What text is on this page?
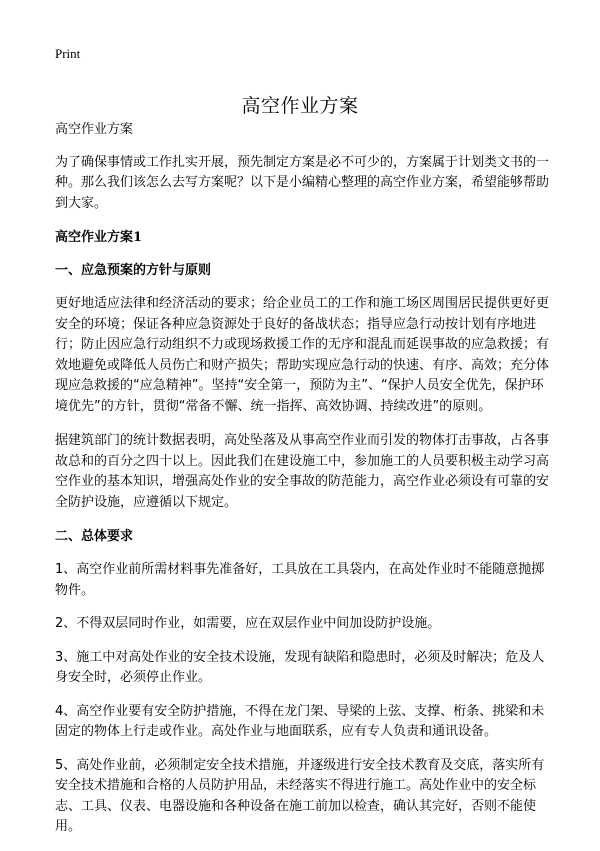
Print
高空作业方案

高空作业方案

为了确保事情或工作扎实开展，预先制定方案是必不可少的，方案属于计划类文书的一种。那么我们该怎么去写方案呢？以下是小编精心整理的高空作业方案，希望能够帮助到大家。

高空作业方案1
一、应急预案的方针与原则

更好地适应法律和经济活动的要求；给企业员工的工作和施工场区周围居民提供更好更安全的环境；保证各种应急资源处于良好的备战状态；指导应急行动按计划有序地进行；防止因应急行动组织不力或现场救援工作的无序和混乱而延误事故的应急救援；有效地避免或降低人员伤亡和财产损失；帮助实现应急行动的快速、有序、高效；充分体现应急救援的“应急精神”。坚持“安全第一，预防为主”、“保护人员安全优先，保护环境优先”的方针，贯彻“常备不懈、统一指挥、高效协调、持续改进”的原则。

据建筑部门的统计数据表明，高处坠落及从事高空作业而引发的物体打击事故，占各事故总和的百分之四十以上。因此我们在建设施工中，参加施工的人员要积极主动学习高空作业的基本知识，增强高处作业的安全事故的防范能力，高空作业必须设有可靠的安全防护设施，应遵循以下规定。

二、总体要求

1、高空作业前所需材料事先准备好，工具放在工具袋内，在高处作业时不能随意抛掷物件。

2、不得双层同时作业，如需要，应在双层作业中间加设防护设施。

3、施工中对高处作业的安全技术设施，发现有缺陷和隐患时，必须及时解决；危及人身安全时，必须停止作业。

4、高空作业要有安全防护措施，不得在龙门架、导梁的上弦、支撑、桁条、挑梁和未固定的物体上行走或作业。高处作业与地面联系，应有专人负责和通讯设备。

5、高处作业前，必须制定安全技术措施，并逐级进行安全技术教育及交底，落实所有安全技术措施和合格的人员防护用品，未经落实不得进行施工。高处作业中的安全标志、工具、仪表、电器设施和各种设备在施工前加以检查，确认其完好，否则不能使用。
